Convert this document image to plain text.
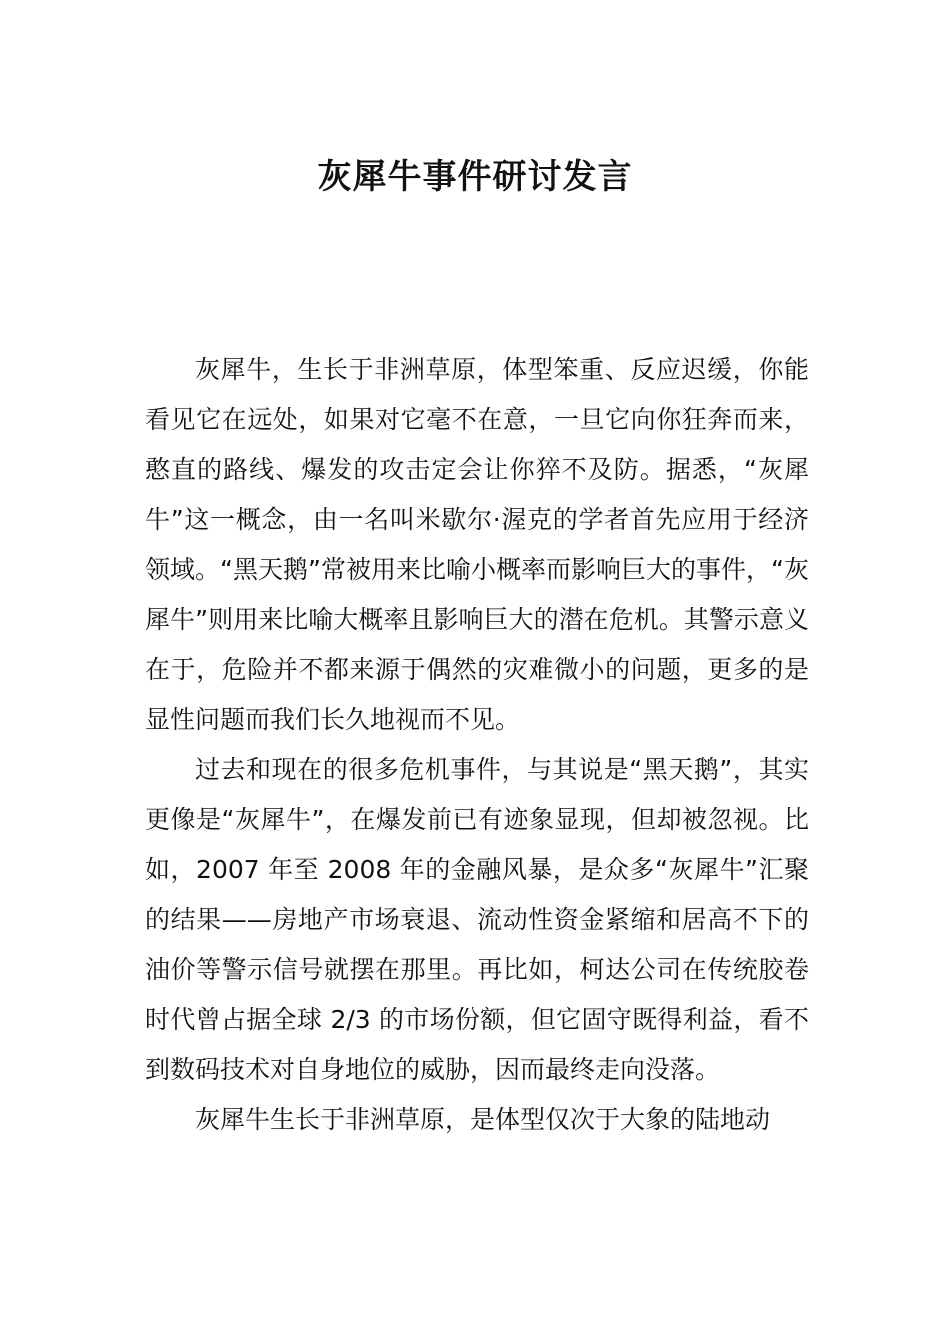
灰犀牛事件研讨发言

灰犀牛，生长于非洲草原，体型笨重、反应迟缓，你能看见它在远处，如果对它毫不在意，一旦它向你狂奔而来，憨直的路线、爆发的攻击定会让你猝不及防。据悉，“灰犀牛”这一概念，由一名叫米歇尔·渥克的学者首先应用于经济领域。“黑天鹅”常被用来比喻小概率而影响巨大的事件，“灰犀牛”则用来比喻大概率且影响巨大的潜在危机。其警示意义在于，危险并不都来源于偶然的灾难微小的问题，更多的是显性问题而我们长久地视而不见。

过去和现在的很多危机事件，与其说是“黑天鹅”，其实更像是“灰犀牛”，在爆发前已有迹象显现，但却被忽视。比如，2007 年至 2008 年的金融风暴，是众多“灰犀牛”汇聚的结果——房地产市场衰退、流动性资金紧缩和居高不下的油价等警示信号就摆在那里。再比如，柯达公司在传统胶卷时代曾占据全球 2/3 的市场份额，但它固守既得利益，看不到数码技术对自身地位的威胁，因而最终走向没落。

灰犀牛生长于非洲草原，是体型仅次于大象的陆地动
